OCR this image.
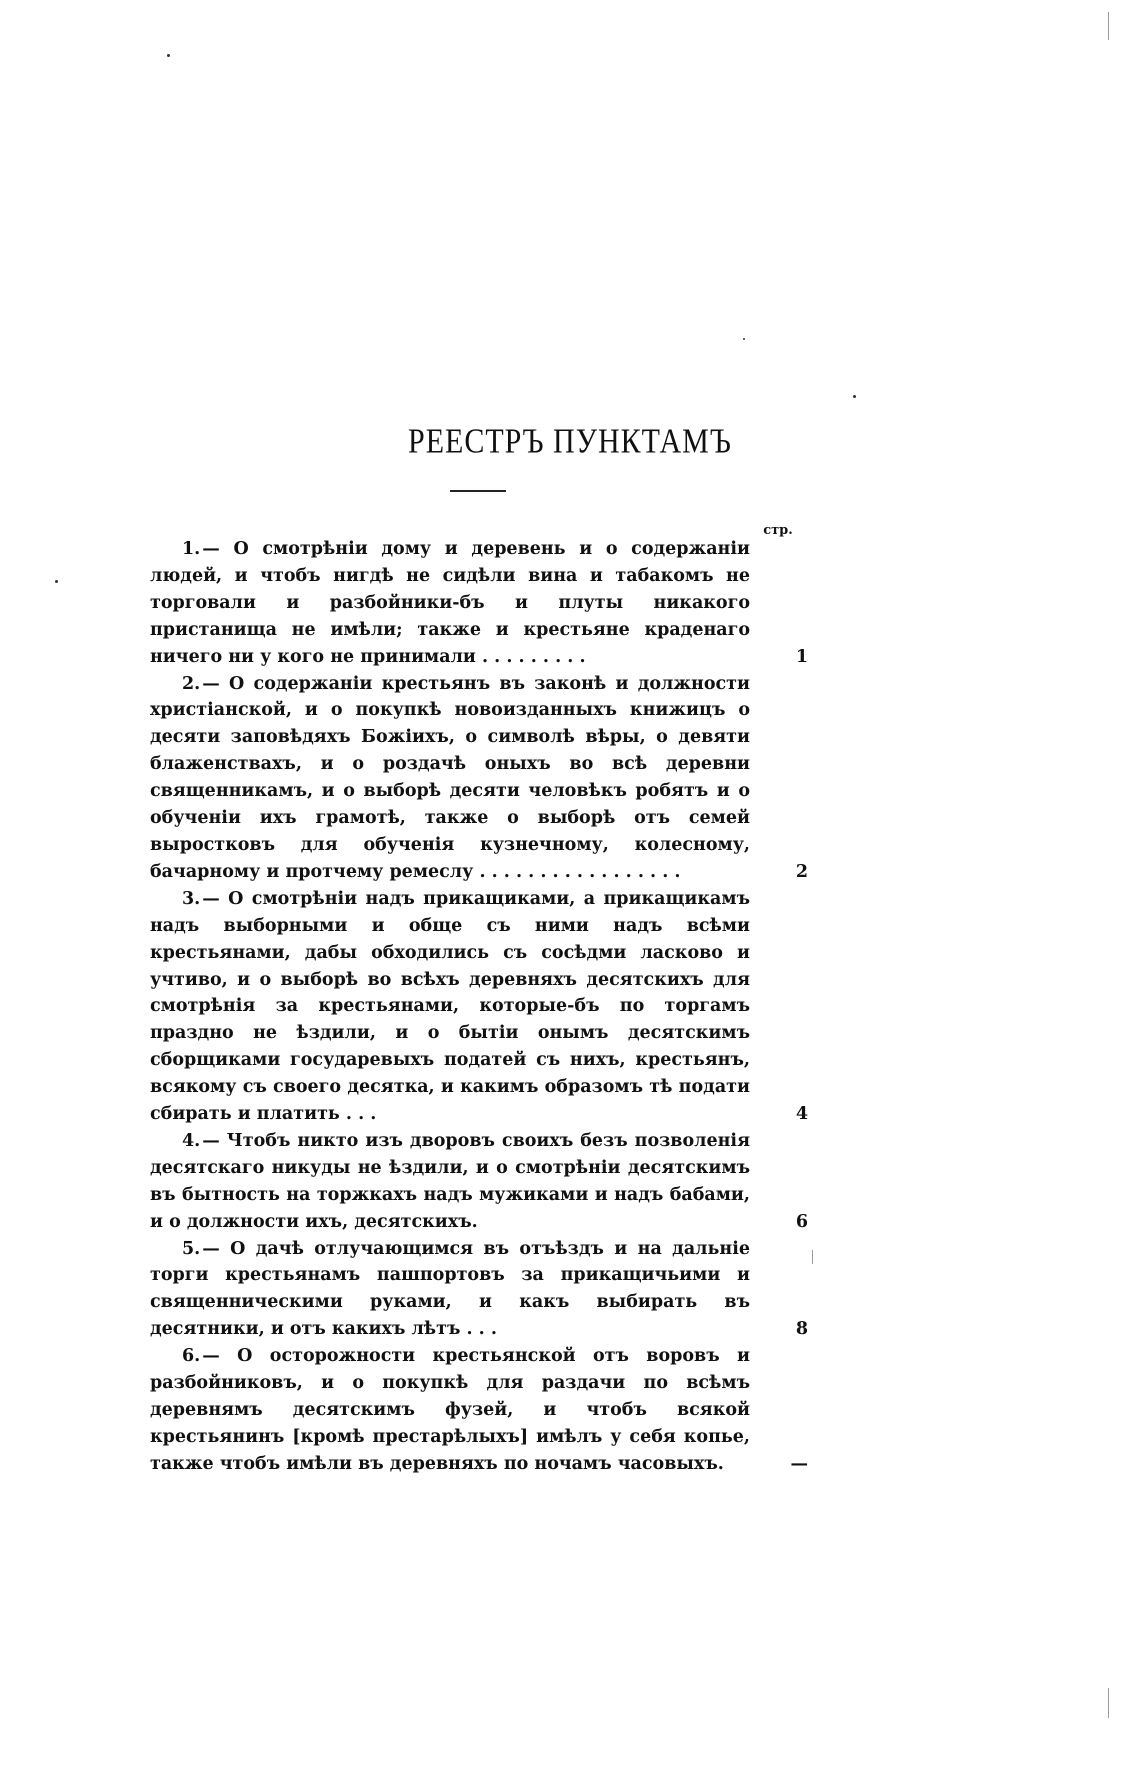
РЕЕСТРЪ ПУНКТАМЪ
стр.
1. — О смотрѣніи дому и деревень и о содержаніи людей, и чтобъ нигдѣ не сидѣли вина и табакомъ не торговали и разбойники-бъ и плуты никакого пристанища не имѣли; также и крестьяне краденаго ничего ни у кого не принимали . . . . . . . . .	1
2. — О содержаніи крестьянъ въ законѣ и должности христіанской, и о покупкѣ новоизданныхъ книжицъ о десяти заповѣдяхъ Божіихъ, о символѣ вѣры, о девяти блаженствахъ, и о роздачѣ оныхъ во всѣ деревни священникамъ, и о выборѣ десяти человѣкъ робятъ и о обученіи ихъ грамотѣ, также о выборѣ отъ семей выростковъ для обученія кузнечному, колесному, бачарному и протчему ремеслу . . . . . . . . . . . . . . . . .	2
3. — О смотрѣніи надъ прикащиками, а прикащикамъ надъ выборными и обще съ ними надъ всѣми крестьянами, дабы обходились съ сосѣдми ласково и учтиво, и о выборѣ во всѣхъ деревняхъ десятскихъ для смотрѣнія за крестьянами, которые-бъ по торгамъ праздно не ѣздили, и о бытіи онымъ десятскимъ сборщиками государевыхъ податей съ нихъ, крестьянъ, всякому съ своего десятка, и какимъ образомъ тѣ подати сбирать и платить . . .	4
4. — Чтобъ никто изъ дворовъ своихъ безъ позволенія десятскаго никуды не ѣздили, и о смотрѣніи десятскимъ въ бытность на торжкахъ надъ мужиками и надъ бабами, и о должности ихъ, десятскихъ.	6
5. — О дачѣ отлучающимся въ отъѣздъ и на дальніе торги крестьянамъ пашпортовъ за прикащичьими и священническими руками, и какъ выбирать въ десятники, и отъ какихъ лѣтъ . . .	8
6. — О осторожности крестьянской отъ воровъ и разбойниковъ, и о покупкѣ для раздачи по всѣмъ деревнямъ десятскимъ фузей, и чтобъ всякой крестьянинъ [кромѣ престарѣлыхъ] имѣлъ у себя копье, также чтобъ имѣли въ деревняхъ по ночамъ часовыхъ.	—
